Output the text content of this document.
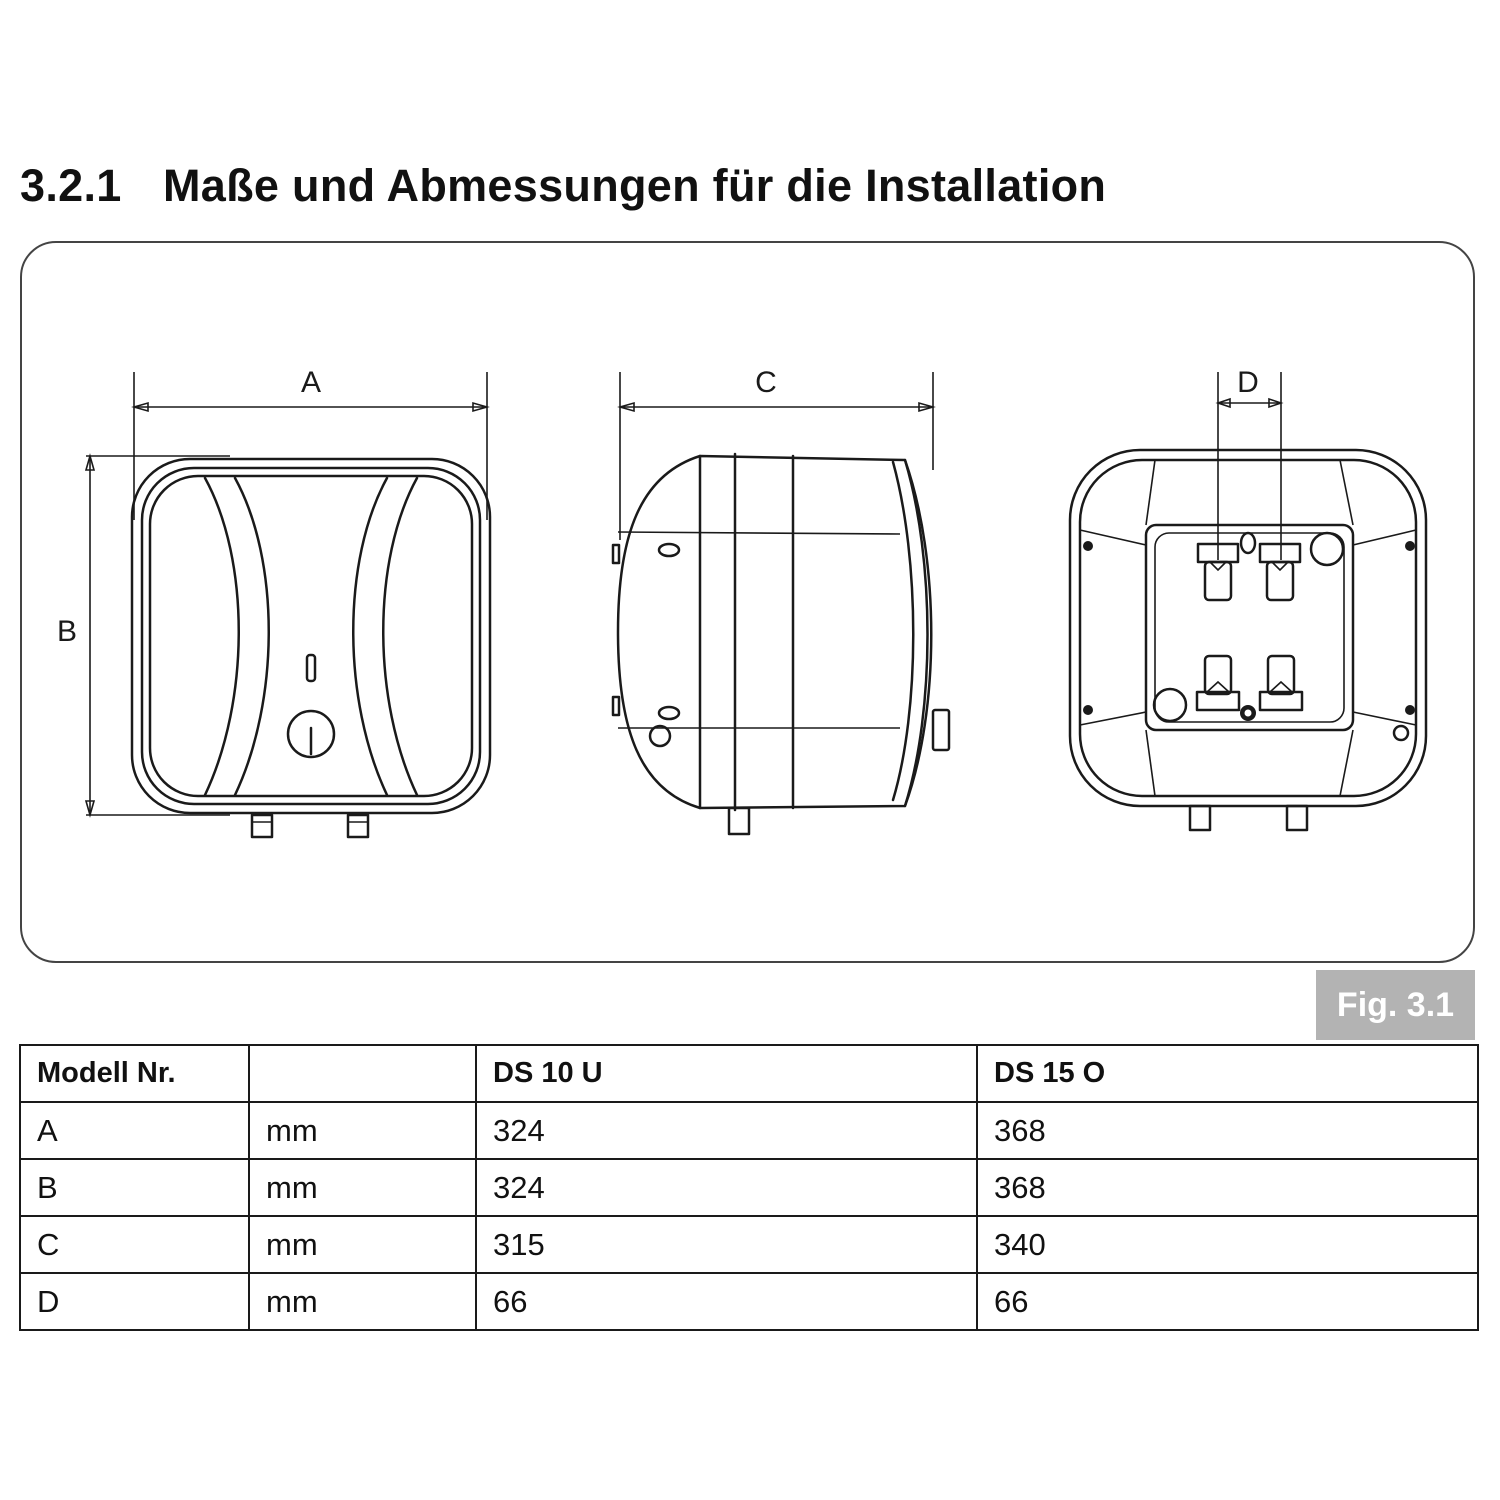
3.2.1 Maße und Abmessungen für die Installation
A
B
C	D
Fig. 3.1
Modell Nr.		DS 10 U	DS 15 O
A	mm	324	368
B	mm	324	368
C	mm	315	340
D	mm	66	66
